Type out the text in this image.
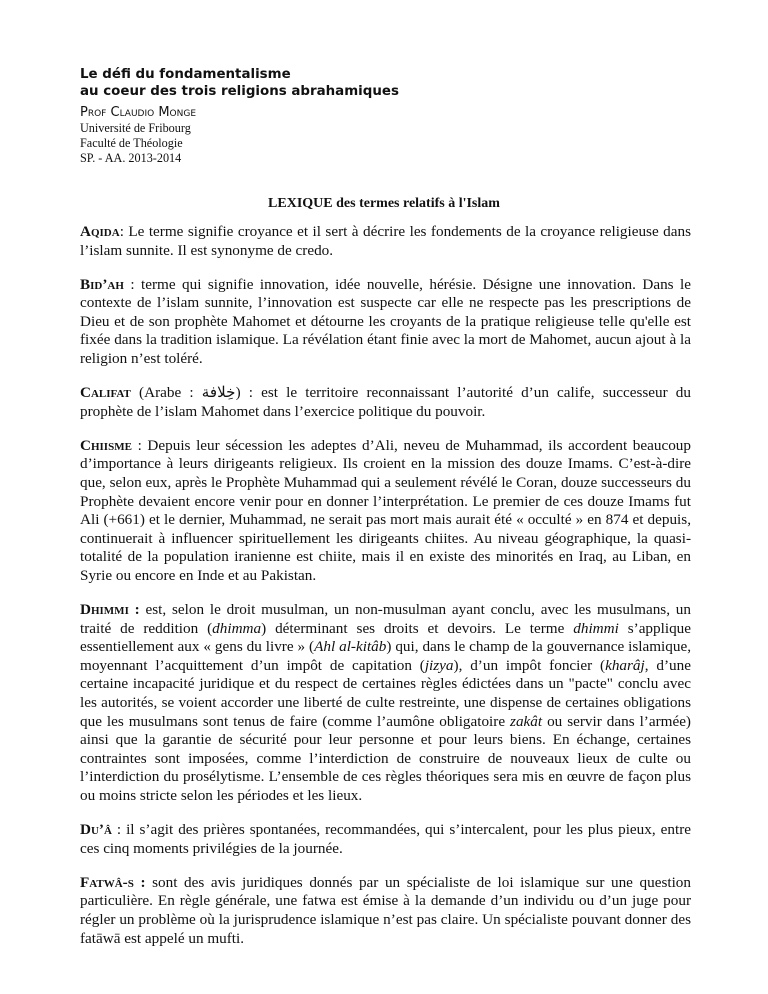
Le défi du fondamentalisme
au coeur des trois religions abrahamiques
Prof Claudio Monge
Université de Fribourg
Faculté de Théologie
SP. - AA. 2013-2014
LEXIQUE des termes relatifs à l'Islam

Aqida: Le terme signifie croyance et il sert à décrire les fondements de la croyance religieuse dans l’islam sunnite. Il est synonyme de credo.

Bid’ah : terme qui signifie innovation, idée nouvelle, hérésie. Désigne une innovation. Dans le contexte de l’islam sunnite, l’innovation est suspecte car elle ne respecte pas les prescriptions de Dieu et de son prophète Mahomet et détourne les croyants de la pratique religieuse telle qu'elle est fixée dans la tradition islamique. La révélation étant finie avec la mort de Mahomet, aucun ajout à la religion n’est toléré.

Califat (Arabe : خِلافة) : est le territoire reconnaissant l’autorité d’un calife, successeur du prophète de l’islam Mahomet dans l’exercice politique du pouvoir.

Chiisme : Depuis leur sécession les adeptes d’Ali, neveu de Muhammad, ils accordent beaucoup d’importance à leurs dirigeants religieux. Ils croient en la mission des douze Imams. C’est-à-dire que, selon eux, après le Prophète Muhammad qui a seulement révélé le Coran, douze successeurs du Prophète devaient encore venir pour en donner l’interprétation. Le premier de ces douze Imams fut Ali (+661) et le dernier, Muhammad, ne serait pas mort mais aurait été « occulté » en 874 et depuis, continuerait à influencer spirituellement les dirigeants chiites. Au niveau géographique, la quasi-totalité de la population iranienne est chiite, mais il en existe des minorités en Iraq, au Liban, en Syrie ou encore en Inde et au Pakistan.

Dhimmi : est, selon le droit musulman, un non-musulman ayant conclu, avec les musulmans, un traité de reddition (dhimma) déterminant ses droits et devoirs. Le terme dhimmi s’applique essentiellement aux « gens du livre » (Ahl al-kitâb) qui, dans le champ de la gouvernance islamique, moyennant l’acquittement d’un impôt de capitation (jizya), d’un impôt foncier (kharâj, d’une certaine incapacité juridique et du respect de certaines règles édictées dans un "pacte" conclu avec les autorités, se voient accorder une liberté de culte restreinte, une dispense de certaines obligations que les musulmans sont tenus de faire (comme l’aumône obligatoire zakât ou servir dans l’armée) ainsi que la garantie de sécurité pour leur personne et pour leurs biens. En échange, certaines contraintes sont imposées, comme l’interdiction de construire de nouveaux lieux de culte ou l’interdiction du prosélytisme. L’ensemble de ces règles théoriques sera mis en œuvre de façon plus ou moins stricte selon les périodes et les lieux.

Du’â : il s’agit des prières spontanées, recommandées, qui s’intercalent, pour les plus pieux, entre ces cinq moments privilégies de la journée.

Fatwâ-s : sont des avis juridiques donnés par un spécialiste de loi islamique sur une question particulière. En règle générale, une fatwa est émise à la demande d’un individu ou d’un juge pour régler un problème où la jurisprudence islamique n’est pas claire. Un spécialiste pouvant donner des fatāwā est appelé un mufti.
